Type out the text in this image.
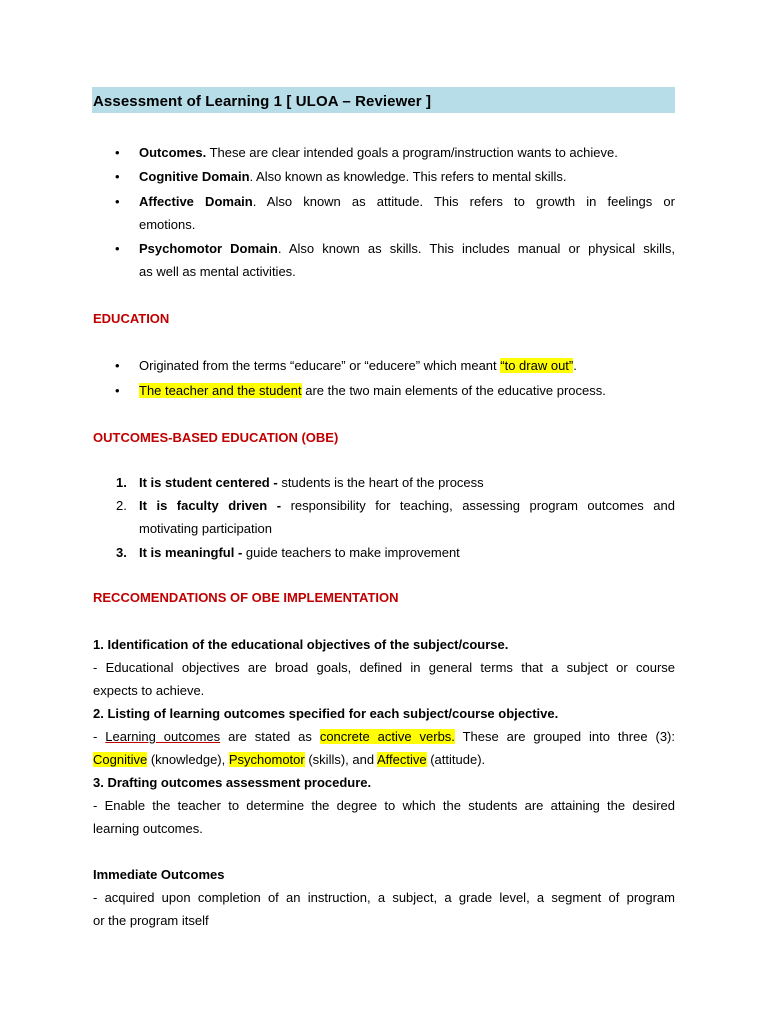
Assessment of Learning 1 [ ULOA – Reviewer ]
• Outcomes. These are clear intended goals a program/instruction wants to achieve.
• Cognitive Domain. Also known as knowledge. This refers to mental skills.
• Affective Domain. Also known as attitude. This refers to growth in feelings or
emotions.
• Psychomotor Domain. Also known as skills. This includes manual or physical skills,
as well as mental activities.
EDUCATION
• Originated from the terms “educare” or “educere” which meant “to draw out”.
• The teacher and the student are the two main elements of the educative process.
OUTCOMES-BASED EDUCATION (OBE)
1. It is student centered - students is the heart of the process
2. It is faculty driven - responsibility for teaching, assessing program outcomes and
motivating participation
3. It is meaningful - guide teachers to make improvement
RECCOMENDATIONS OF OBE IMPLEMENTATION
1. Identification of the educational objectives of the subject/course.
- Educational objectives are broad goals, defined in general terms that a subject or course
expects to achieve.
2. Listing of learning outcomes specified for each subject/course objective.
- Learning outcomes are stated as concrete active verbs. These are grouped into three (3):
Cognitive (knowledge), Psychomotor (skills), and Affective (attitude).
3. Drafting outcomes assessment procedure.
- Enable the teacher to determine the degree to which the students are attaining the desired
learning outcomes.
Immediate Outcomes
- acquired upon completion of an instruction, a subject, a grade level, a segment of program
or the program itself
